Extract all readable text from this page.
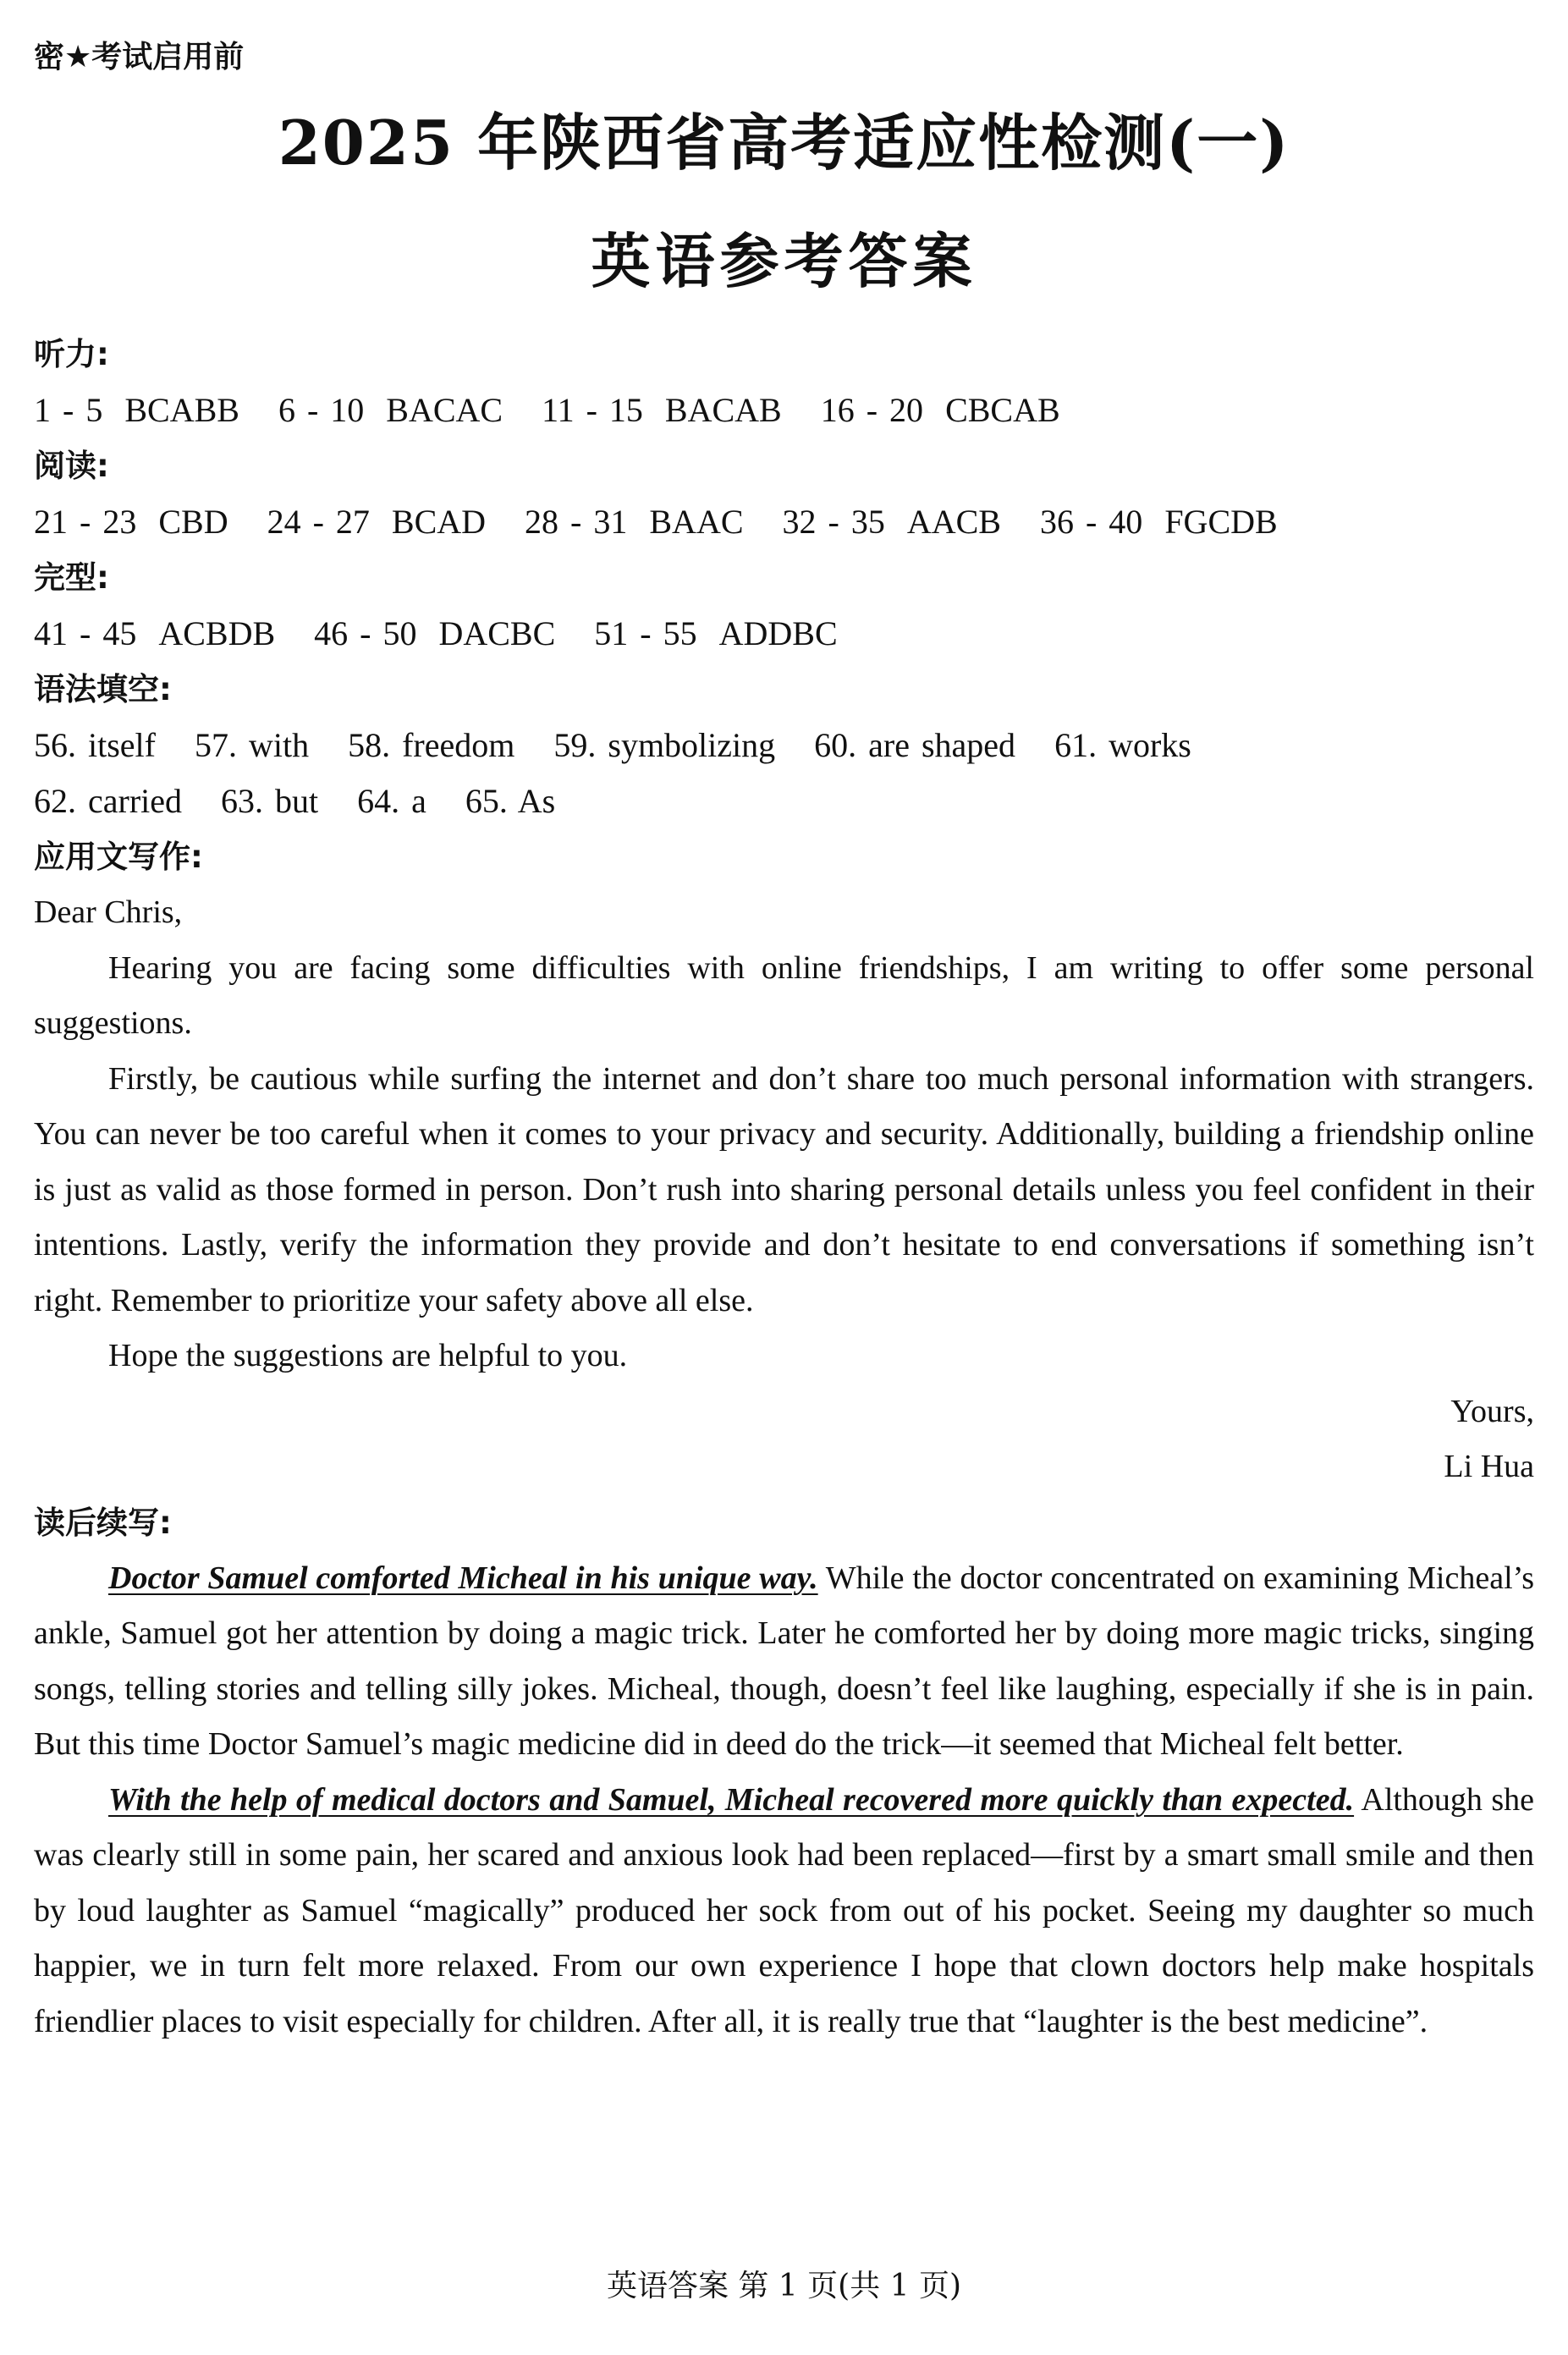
密★考试启用前

2025 年陕西省高考适应性检测(一)
英语参考答案

听力:

1 - 5 BCABB 6 - 10 BACAC 11 - 15 BACAB 16 - 20 CBCAB

阅读:

21 - 23 CBD 24 - 27 BCAD 28 - 31 BAAC 32 - 35 AACB 36 - 40 FGCDB

完型:

41 - 45 ACBDB 46 - 50 DACBC 51 - 55 ADDBC

语法填空:

56. itself 57. with 58. freedom 59. symbolizing 60. are shaped 61. works

62. carried 63. but 64. a 65. As

应用文写作:

Dear Chris,

Hearing you are facing some difficulties with online friendships, I am writing to offer some personal suggestions.

Firstly, be cautious while surfing the internet and don’t share too much personal information with strangers. You can never be too careful when it comes to your privacy and security. Additionally, building a friendship online is just as valid as those formed in person. Don’t rush into sharing personal details unless you feel confident in their intentions. Lastly, verify the information they provide and don’t hesitate to end conversations if something isn’t right. Remember to prioritize your safety above all else.

Hope the suggestions are helpful to you.

Yours,

Li Hua

读后续写:

Doctor Samuel comforted Micheal in his unique way. While the doctor concentrated on examining Micheal’s ankle, Samuel got her attention by doing a magic trick. Later he comforted her by doing more magic tricks, singing songs, telling stories and telling silly jokes. Micheal, though, doesn’t feel like laughing, especially if she is in pain. But this time Doctor Samuel’s magic medicine did in deed do the trick—it seemed that Micheal felt better.

With the help of medical doctors and Samuel, Micheal recovered more quickly than expected. Although she was clearly still in some pain, her scared and anxious look had been replaced—first by a smart small smile and then by loud laughter as Samuel “magically” produced her sock from out of his pocket. Seeing my daughter so much happier, we in turn felt more relaxed. From our own experience I hope that clown doctors help make hospitals friendlier places to visit especially for children. After all, it is really true that “laughter is the best medicine”.

英语答案 第 1 页(共 1 页)
